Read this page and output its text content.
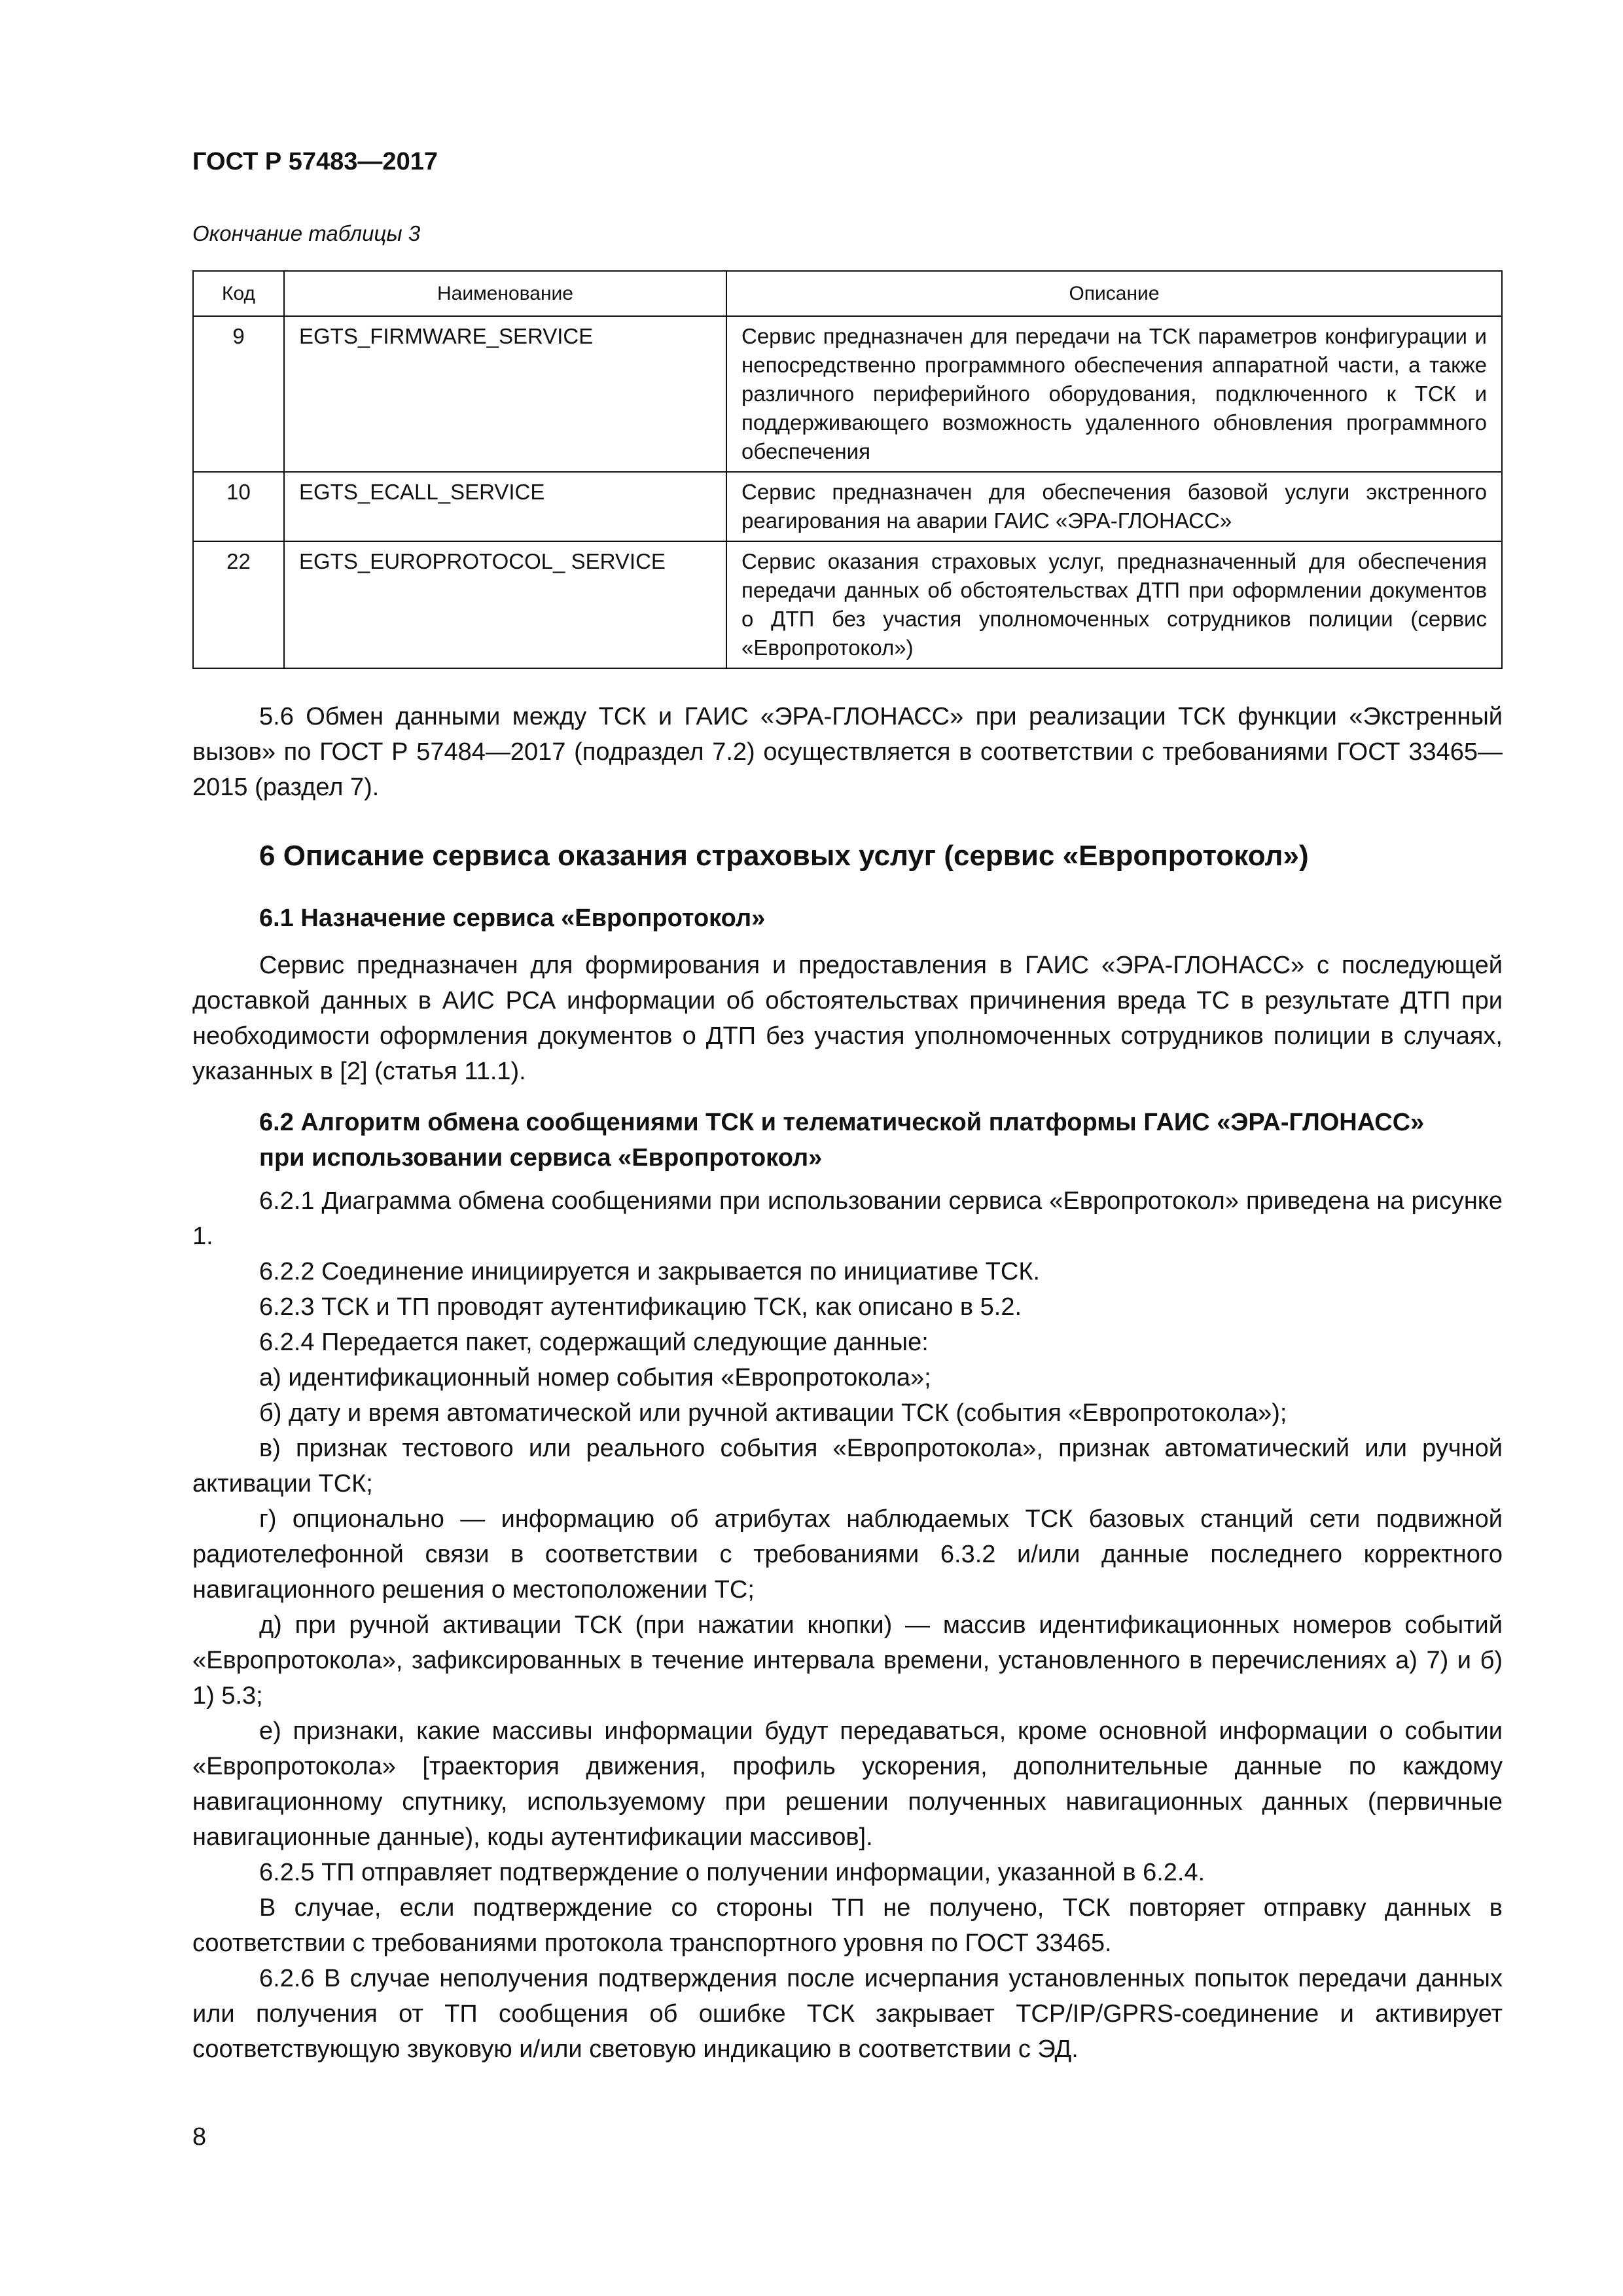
ГОСТ Р 57483—2017
Окончание таблицы 3
Код	Наименование	Описание

9	EGTS_FIRMWARE_SERVICE	Сервис предназначен для передачи на ТСК параметров конфигурации и непосредственно программного обеспечения аппаратной части, а также различного периферийного оборудования, подключенного к ТСК и поддерживающего возможность удаленного обновления программного обеспечения

10	EGTS_ECALL_SERVICE	Сервис предназначен для обеспечения базовой услуги экстренного реагирования на аварии ГАИС «ЭРА-ГЛОНАСС»

22	EGTS_EUROPROTOCOL_ SERVICE	Сервис оказания страховых услуг, предназначенный для обеспечения передачи данных об обстоятельствах ДТП при оформлении документов о ДТП без участия уполномоченных сотрудников полиции (сервис «Европротокол»)

5.6 Обмен данными между ТСК и ГАИС «ЭРА-ГЛОНАСС» при реализации ТСК функции «Экстренный вызов» по ГОСТ Р 57484—2017 (подраздел 7.2) осуществляется в соответствии с требованиями ГОСТ 33465—2015 (раздел 7).

6 Описание сервиса оказания страховых услуг (сервис «Европротокол»)

6.1 Назначение сервиса «Европротокол»

Сервис предназначен для формирования и предоставления в ГАИС «ЭРА-ГЛОНАСС» с последующей доставкой данных в АИС РСА информации об обстоятельствах причинения вреда ТС в результате ДТП при необходимости оформления документов о ДТП без участия уполномоченных сотрудников полиции в случаях, указанных в [2] (статья 11.1).

6.2 Алгоритм обмена сообщениями ТСК и телематической платформы ГАИС «ЭРА-ГЛОНАСС»

при использовании сервиса «Европротокол»

6.2.1 Диаграмма обмена сообщениями при использовании сервиса «Европротокол» приведена на рисунке 1.

6.2.2 Соединение инициируется и закрывается по инициативе ТСК.

6.2.3 ТСК и ТП проводят аутентификацию ТСК, как описано в 5.2.

6.2.4 Передается пакет, содержащий следующие данные:

а) идентификационный номер события «Европротокола»;

б) дату и время автоматической или ручной активации ТСК (события «Европротокола»);

в) признак тестового или реального события «Европротокола», признак автоматический или ручной активации ТСК;

г) опционально — информацию об атрибутах наблюдаемых ТСК базовых станций сети подвижной радиотелефонной связи в соответствии с требованиями 6.3.2 и/или данные последнего корректного навигационного решения о местоположении ТС;

д) при ручной активации ТСК (при нажатии кнопки) — массив идентификационных номеров событий «Европротокола», зафиксированных в течение интервала времени, установленного в перечислениях а) 7) и б) 1) 5.3;

е) признаки, какие массивы информации будут передаваться, кроме основной информации о событии «Европротокола» [траектория движения, профиль ускорения, дополнительные данные по каждому навигационному спутнику, используемому при решении полученных навигационных данных (первичные навигационные данные), коды аутентификации массивов].

6.2.5 ТП отправляет подтверждение о получении информации, указанной в 6.2.4.

В случае, если подтверждение со стороны ТП не получено, ТСК повторяет отправку данных в соответствии с требованиями протокола транспортного уровня по ГОСТ 33465.

6.2.6 В случае неполучения подтверждения после исчерпания установленных попыток передачи данных или получения от ТП сообщения об ошибке ТСК закрывает TCP/IP/GPRS-соединение и активирует соответствующую звуковую и/или световую индикацию в соответствии с ЭД.

8
